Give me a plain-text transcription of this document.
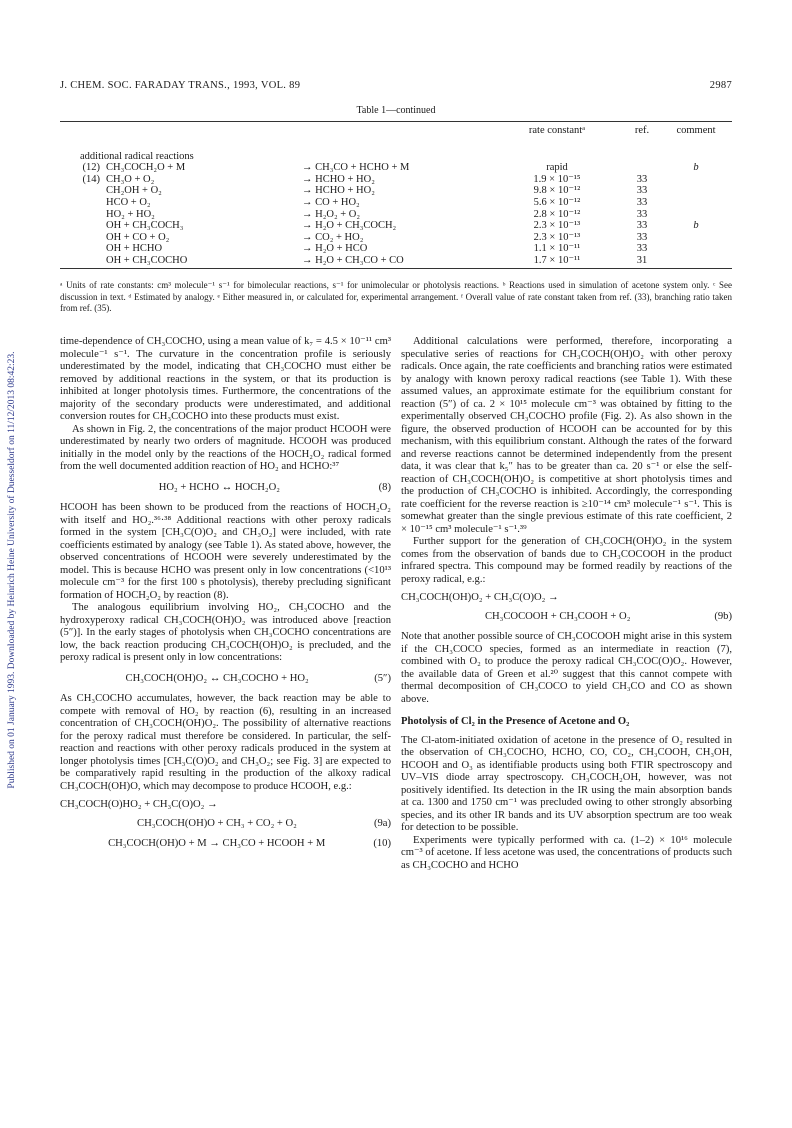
J. CHEM. SOC. FARADAY TRANS., 1993, VOL. 89	2987
Published on 01 January 1993. Downloaded by Heinrich Heine University of Duesseldorf on 11/12/2013 08:42:23.
Table 1—continued
			rate constantᵃ	ref.	comment

additional radical reactions					
(12)	CH₃COCH₂O + M	→ CH₃CO + HCHO + M	rapid		b
(14)	CH₃O + O₂	→ HCHO + HO₂	1.9 × 10⁻¹⁵	33	
	CH₂OH + O₂	→ HCHO + HO₂	9.8 × 10⁻¹²	33	
	HCO + O₂	→ CO + HO₂	5.6 × 10⁻¹²	33	
	HO₂ + HO₂	→ H₂O₂ + O₂	2.8 × 10⁻¹²	33	
	OH + CH₃COCH₃	→ H₂O + CH₃COCH₂	2.3 × 10⁻¹³	33	b
	OH + CO + O₂	→ CO₂ + HO₂	2.3 × 10⁻¹³	33	
	OH + HCHO	→ H₂O + HCO	1.1 × 10⁻¹¹	33	
	OH + CH₃COCHO	→ H₂O + CH₃CO + CO	1.7 × 10⁻¹¹	31	
ᵃ Units of rate constants: cm³ molecule⁻¹ s⁻¹ for bimolecular reactions, s⁻¹ for unimolecular or photolysis reactions. ᵇ Reactions used in simulation of acetone system only. ᶜ See discussion in text. ᵈ Estimated by analogy. ᵉ Either measured in, or calculated for, experimental arrangement. ᶠ Overall value of rate constant taken from ref. (33), branching ratio taken from ref. (35).

time-dependence of CH₃COCHO, using a mean value of k₇ = 4.5 × 10⁻¹¹ cm³ molecule⁻¹ s⁻¹. The curvature in the concentration profile is seriously underestimated by the model, indicating that CH₃COCHO must either be removed by additional reactions in the system, or that its production is inhibited at longer photolysis times. Furthermore, the concentrations of the majority of the secondary products were underestimated, and additional conversion routes for CH₃COCHO into these products must exist.

As shown in Fig. 2, the concentrations of the major product HCOOH were underestimated by nearly two orders of magnitude. HCOOH was produced initially in the model only by the reactions of the HOCH₂O₂ radical formed from the well documented addition reaction of HO₂ and HCHO:³⁷

HO₂ + HCHO ↔ HOCH₂O₂	(8)

HCOOH has been shown to be produced from the reactions of HOCH₂O₂ with itself and HO₂.³⁶·³⁸ Additional reactions with other peroxy radicals formed in the system [CH₃C(O)O₂ and CH₃O₂] were included, with rate coefficients estimated by analogy (see Table 1). As stated above, however, the observed concentrations of HCOOH were severely underestimated by the model. This is because HCHO was present only in low concentrations (<10¹³ molecule cm⁻³ for the first 100 s photolysis), thereby precluding significant formation of HOCH₂O₂ by reaction (8).

The analogous equilibrium involving HO₂, CH₃COCHO and the hydroxyperoxy radical CH₃COCH(OH)O₂ was introduced above [reaction (5″)]. In the early stages of photolysis when CH₃COCHO concentrations are low, the back reaction producing CH₃COCH(OH)O₂ is precluded, and the peroxy radical is present only in low concentrations:

CH₃COCH(OH)O₂ ↔ CH₃COCHO + HO₂	(5″)

As CH₃COCHO accumulates, however, the back reaction may be able to compete with removal of HO₂ by reaction (6), resulting in an increased concentration of CH₃COCH(OH)O₂. The possibility of alternative reactions for the peroxy radical must therefore be considered. In particular, the self-reaction and reactions with other peroxy radicals produced in the system at longer photolysis times [CH₃C(O)O₂ and CH₃O₂; see Fig. 3] are expected to be comparatively rapid resulting in the production of the alkoxy radical CH₃COCH(OH)O, which may decompose to produce HCOOH, e.g.:

CH₃COCH(O)HO₂ + CH₃C(O)O₂ →
CH₃COCH(OH)O + CH₃ + CO₂ + O₂	(9a)
CH₃COCH(OH)O + M → CH₃CO + HCOOH + M	(10)

Additional calculations were performed, therefore, incorporating a speculative series of reactions for CH₃COCH(OH)O₂ with other peroxy radicals. Once again, the rate coefficients and branching ratios were estimated by analogy with known peroxy radical reactions (see Table 1). With these assumed values, an approximate estimate for the equilibrium constant for reaction (5″) of ca. 2 × 10¹⁵ molecule cm⁻³ was obtained by fitting to the experimentally observed CH₃COCHO profile (Fig. 2). As also shown in the figure, the observed production of HCOOH can be accounted for by this mechanism, with this equilibrium constant. Although the rates of the forward and reverse reactions cannot be determined independently from the present data, it was clear that k₅″ has to be greater than ca. 20 s⁻¹ or else the self-reaction of CH₃COCH(OH)O₂ is competitive at short photolysis times and the production of CH₃COCHO is inhibited. Accordingly, the corresponding rate coefficient for the reverse reaction is ≥10⁻¹⁴ cm³ molecule⁻¹ s⁻¹. This is somewhat greater than the single previous estimate of this rate coefficient, 2 × 10⁻¹⁵ cm³ molecule⁻¹ s⁻¹.³⁹

Further support for the generation of CH₃COCH(OH)O₂ in the system comes from the observation of bands due to CH₃COCOOH in the product infrared spectra. This compound may be formed readily by reactions of the peroxy radical, e.g.:

CH₃COCH(OH)O₂ + CH₃C(O)O₂ →
CH₃COCOOH + CH₃COOH + O₂	(9b)

Note that another possible source of CH₃COCOOH might arise in this system if the CH₃COCO species, formed as an intermediate in reaction (7), combined with O₂ to produce the peroxy radical CH₃COC(O)O₂. However, the available data of Green et al.²⁰ suggest that this cannot compete with thermal decomposition of CH₃COCO to yield CH₃CO and CO as shown above.

Photolysis of Cl₂ in the Presence of Acetone and O₂

The Cl-atom-initiated oxidation of acetone in the presence of O₂ resulted in the observation of CH₃COCHO, HCHO, CO, CO₂, CH₃COOH, CH₃OH, HCOOH and O₃ as identifiable products using both FTIR spectroscopy and UV–VIS diode array spectroscopy. CH₃COCH₂OH, however, was not positively identified. Its detection in the IR using the main absorption bands at ca. 1300 and 1750 cm⁻¹ was precluded owing to other strongly absorbing species, and its other IR bands and its UV absorption spectrum are too weak for detection to be possible.

Experiments were typically performed with ca. (1–2) × 10¹⁶ molecule cm⁻³ of acetone. If less acetone was used, the concentrations of products such as CH₃COCHO and HCHO
